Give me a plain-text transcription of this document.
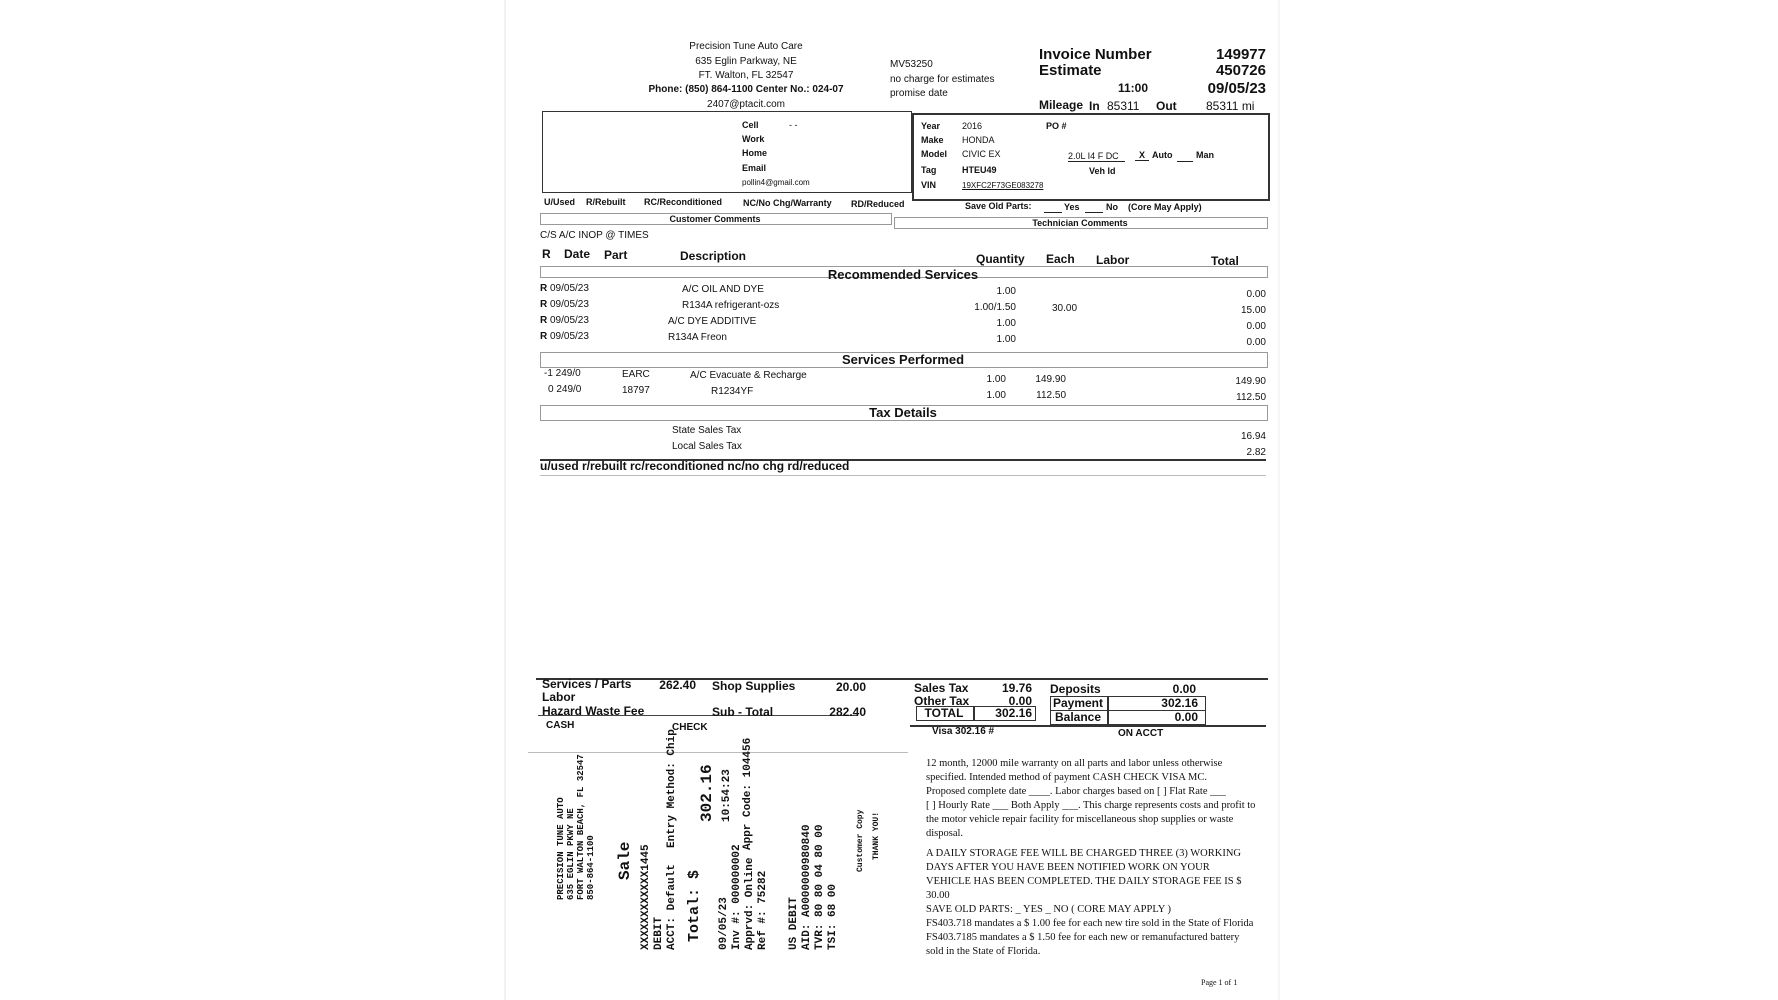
Precision Tune Auto Care
635 Eglin Parkway, NE
FT. Walton, FL 32547
Phone: (850) 864-1100 Center No.: 024-07
2407@ptacit.com
MV53250
no charge for estimates
promise date
Invoice Number	149977
Estimate	450726
11:00	09/05/23
Mileage In 85311 Out 85311 mi
Cell	- -
Work
Home
Email
pollin4@gmail.com
Year 2016	PO #
Make HONDA
Model CIVIC EX	2.0L I4 F DC	X Auto	Man
Tag	HTEU49	Veh Id
VIN	19XFC2F73GE083278
U/Used R/Rebuilt RC/Reconditioned NC/No Chg/Warranty RD/Reduced	Save Old Parts:	Yes	No (Core May Apply)
Customer Comments	Technician Comments
C/S A/C INOP @ TIMES
R Date Part	Description	Quantity Each Labor	Total
Recommended Services
R 09/05/23	A/C OIL AND DYE	1.00	0.00
R 09/05/23	R134A refrigerant-ozs	1.00/1.50	30.00	15.00
R 09/05/23	A/C DYE ADDITIVE	1.00	0.00
R 09/05/23	R134A Freon	1.00	0.00
Services Performed
-1 249/0	EARC	A/C Evacuate & Recharge	1.00	149.90	149.90
0 249/0	18797	R1234YF	1.00	112.50	112.50
Tax Details
State Sales Tax
16.94
Local Sales Tax
2.82
u/used r/rebuilt rc/reconditioned nc/no chg rd/reduced
Services / Parts	262.40
Labor
Hazard Waste Fee
Shop Supplies	20.00
Sub - Total	282.40
Sales Tax	19.76
Other Tax	0.00
TOTAL	302.16
Deposits	0.00
Payment	302.16
Balance	0.00
CASH	CHECK	Visa 302.16 #	ON ACCT
PRECISION TUNE AUTO 635 EGLIN PKWY NE FORT WALTON BEACH, FL 32547 850-864-1100 Sale XXXXXXXXXXXX1445 DEBIT ACCT: Default
Entry Method: Chip
Total: $
302.16 10:54:23 Appr Code: 104456
09/05/23 Inv #: 000000002 Apprvd: Online Ref #: 75282 US DEBIT AID: A0000000980840 TVR: 80 80 04 80 00 TSI: 68 00
Customer Copy THANK YOU!

12 month, 12000 mile warranty on all parts and labor unless otherwise specified. Intended method of payment CASH CHECK VISA MC.

Proposed complete date ____. Labor charges based on [ ] Flat Rate ___

[ ] Hourly Rate ___ Both Apply ___. This charge represents costs and profit to the motor vehicle repair facility for miscellaneous shop supplies or waste disposal.

A DAILY STORAGE FEE WILL BE CHARGED THREE (3) WORKING DAYS AFTER YOU HAVE BEEN NOTIFIED WORK ON YOUR VEHICLE HAS BEEN COMPLETED. THE DAILY STORAGE FEE IS $ 30.00

SAVE OLD PARTS: _ YES _ NO ( CORE MAY APPLY )

FS403.718 mandates a $ 1.00 fee for each new tire sold in the State of Florida

FS403.7185 mandates a $ 1.50 fee for each new or remanufactured battery sold in the State of Florida.

Page 1 of 1
